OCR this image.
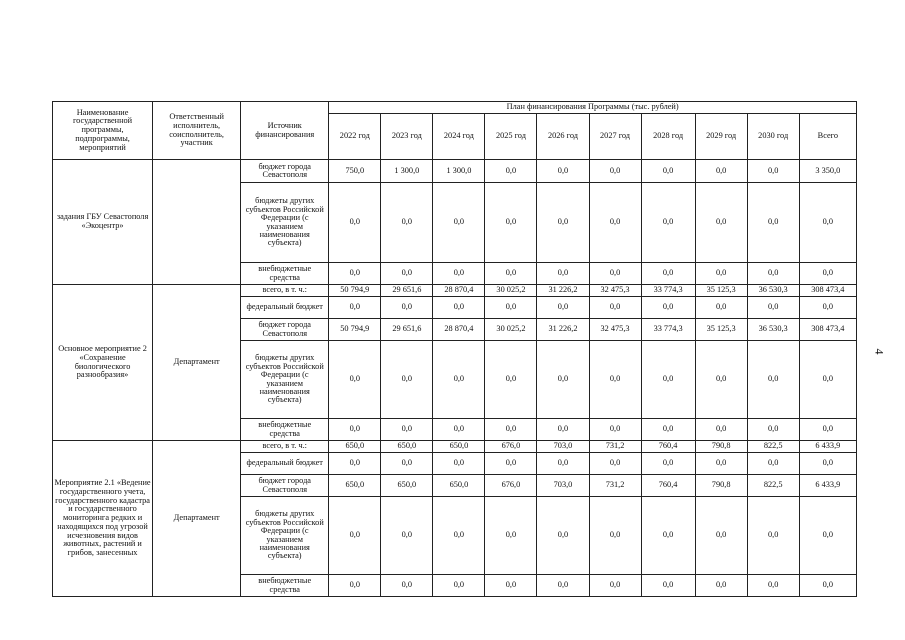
4
Наименование государственной программы, подпрограммы, мероприятий	Ответственный исполнитель, соисполнитель, участник	Источник финансирования	План финансирования Программы (тыс. рублей)									
			2022 год	2023 год	2024 год	2025 год	2026 год	2027 год	2028 год	2029 год	2030 год	Всего
задания ГБУ Севастополя «Экоцентр»		бюджет города Севастополя	750,0	1 300,0	1 300,0	0,0	0,0	0,0	0,0	0,0	0,0	3 350,0
		бюджеты других субъектов Российской Федерации (с указанием наименования субъекта)	0,0	0,0	0,0	0,0	0,0	0,0	0,0	0,0	0,0	0,0
		внебюджетные средства	0,0	0,0	0,0	0,0	0,0	0,0	0,0	0,0	0,0	0,0
Основное мероприятие 2 «Сохранение биологического разнообразия»	Департамент	всего, в т. ч.:	50 794,9	29 651,6	28 870,4	30 025,2	31 226,2	32 475,3	33 774,3	35 125,3	36 530,3	308 473,4
		федеральный бюджет	0,0	0,0	0,0	0,0	0,0	0,0	0,0	0,0	0,0	0,0
		бюджет города Севастополя	50 794,9	29 651,6	28 870,4	30 025,2	31 226,2	32 475,3	33 774,3	35 125,3	36 530,3	308 473,4
		бюджеты других субъектов Российской Федерации (с указанием наименования субъекта)	0,0	0,0	0,0	0,0	0,0	0,0	0,0	0,0	0,0	0,0
		внебюджетные средства	0,0	0,0	0,0	0,0	0,0	0,0	0,0	0,0	0,0	0,0
Мероприятие 2.1 «Ведение государственного учета, государственного кадастра и государственного мониторинга редких и находящихся под угрозой исчезновения видов животных, растений и грибов, занесенных	Департамент	всего, в т. ч.:	650,0	650,0	650,0	676,0	703,0	731,2	760,4	790,8	822,5	6 433,9
		федеральный бюджет	0,0	0,0	0,0	0,0	0,0	0,0	0,0	0,0	0,0	0,0
		бюджет города Севастополя	650,0	650,0	650,0	676,0	703,0	731,2	760,4	790,8	822,5	6 433,9
		бюджеты других субъектов Российской Федерации (с указанием наименования субъекта)	0,0	0,0	0,0	0,0	0,0	0,0	0,0	0,0	0,0	0,0
		внебюджетные средства	0,0	0,0	0,0	0,0	0,0	0,0	0,0	0,0	0,0	0,0
